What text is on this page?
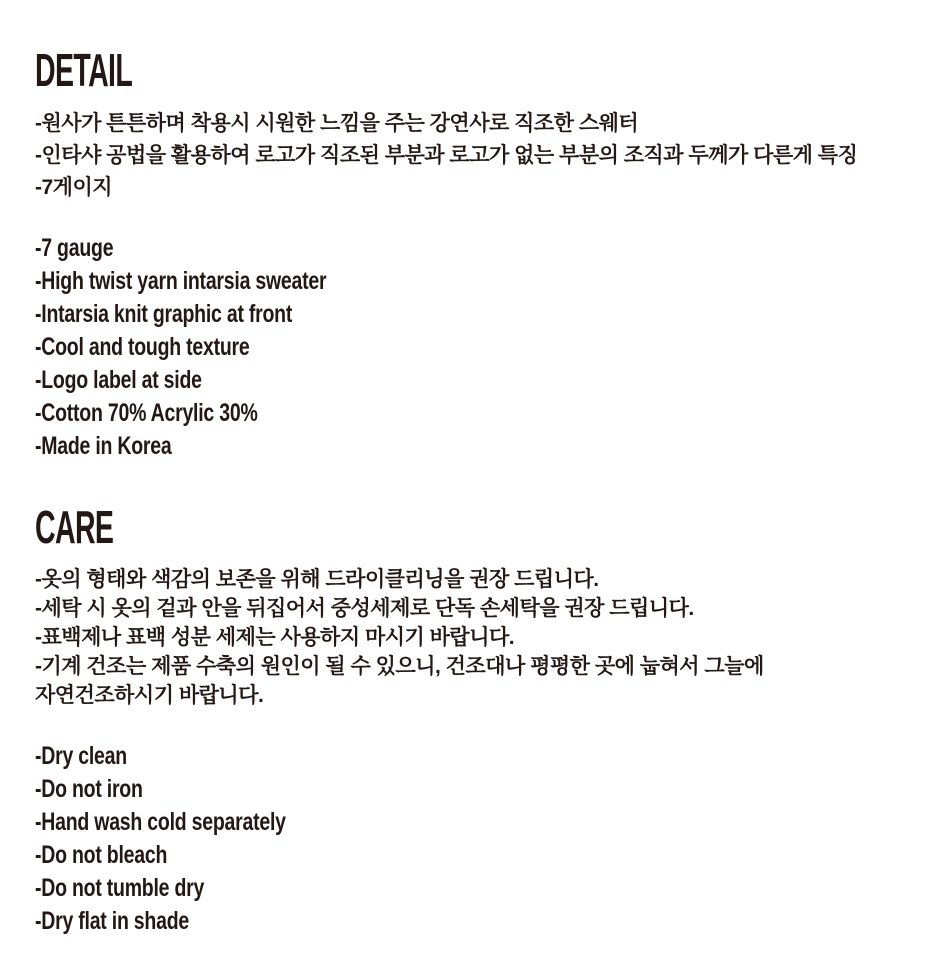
DETAIL
-원사가 튼튼하며 착용시 시원한 느낌을 주는 강연사로 직조한 스웨터
-인타샤 공법을 활용하여 로고가 직조된 부분과 로고가 없는 부분의 조직과 두께가 다른게 특징
-7게이지
-7 gauge
-High twist yarn intarsia sweater
-Intarsia knit graphic at front
-Cool and tough texture
-Logo label at side
-Cotton 70% Acrylic 30%
-Made in Korea
CARE
-옷의 형태와 색감의 보존을 위해 드라이클리닝을 권장 드립니다.
-세탁 시 옷의 겉과 안을 뒤집어서 중성세제로 단독 손세탁을 권장 드립니다.
-표백제나 표백 성분 세제는 사용하지 마시기 바랍니다.
-기계 건조는 제품 수축의 원인이 될 수 있으니, 건조대나 평평한 곳에 눕혀서 그늘에
자연건조하시기 바랍니다.
-Dry clean
-Do not iron
-Hand wash cold separately
-Do not bleach
-Do not tumble dry
-Dry flat in shade
